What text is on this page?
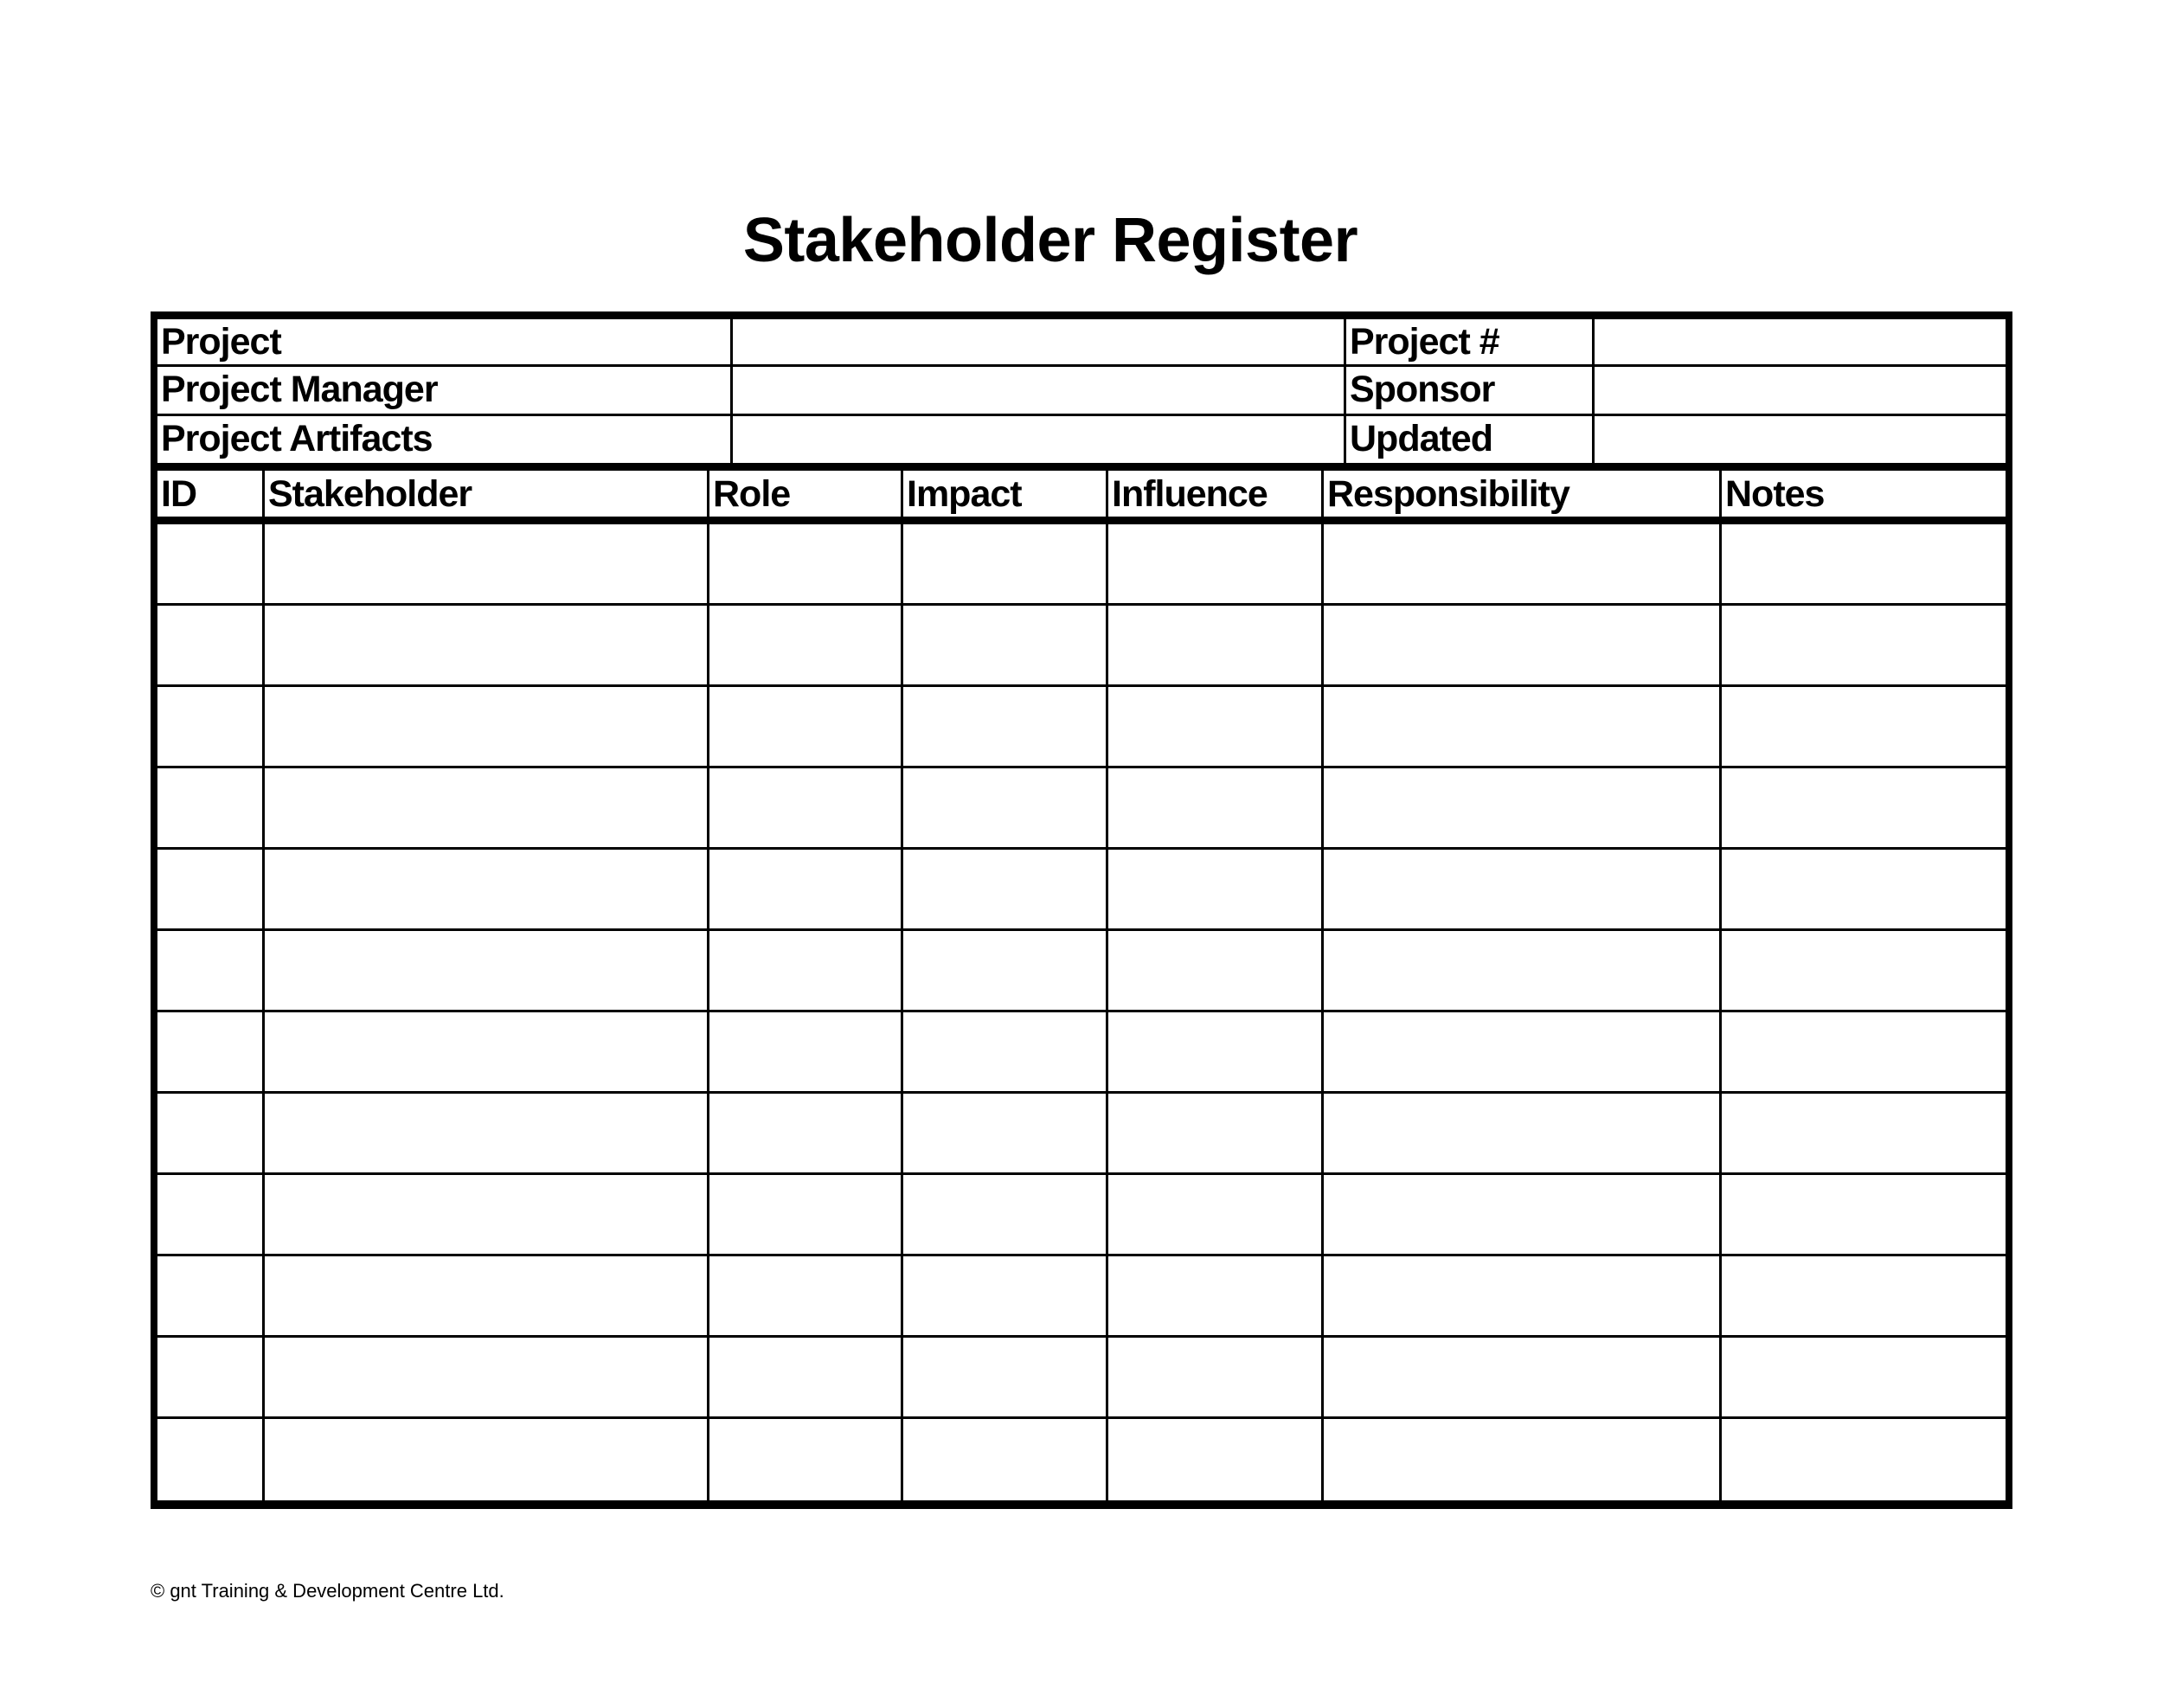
Stakeholder Register
Project	Project #
Project Manager	Sponsor
Project Artifacts	Updated
ID	Stakeholder	Role	Impact	Influence	Responsibility	Notes
© gnt Training & Development Centre Ltd.
